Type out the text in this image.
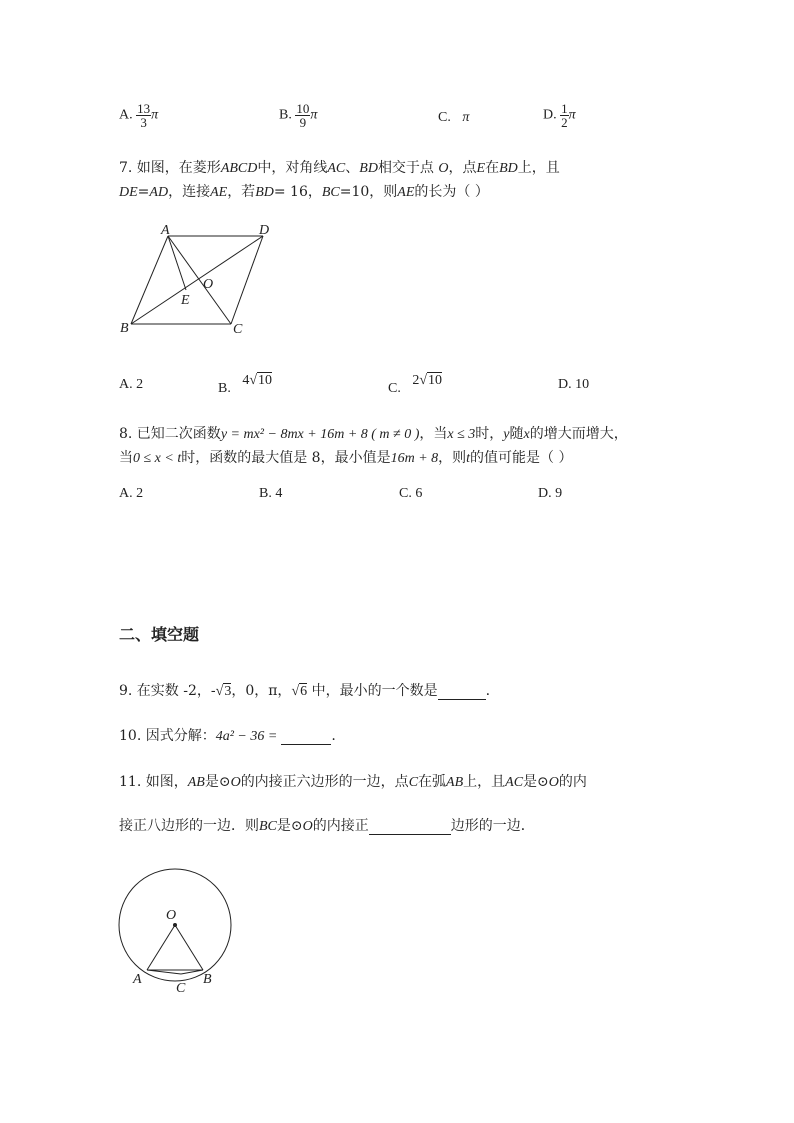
A. $\frac{13}{3}$ π	B. $\frac{10}{9}$ π	C. π	D. $\frac{1}{2}$ π
7. 如图，在菱形ABCD中，对角线AC、BD相交于点 O，点E在BD上，且
DE=AD，连接AE，若BD= 16，BC=10，则AE的长为（ ）
A	D
B	C
O
E
A. 2	B. 4√10
C. 2√10	D. 10
8. 已知二次函数y = mx² − 8mx + 16m + 8 ( m ≠ 0 )，当x ≤ 3时，y随x的增大而增大，
当0 ≤ x < t时，函数的最大值是 8，最小值是16m + 8，则t的值可能是（ ）
A. 2	B. 4	C. 6	D. 9
二、填空题
9. 在实数 -2，-√3，0，π，√6 中，最小的一个数是	.
10. 因式分解：4a² − 36 =	.
11. 如图，AB是⊙O的内接正六边形的一边，点C在弧AB上，且AC是⊙O的内
接正八边形的一边．则BC是⊙O的内接正	边形的一边．
O
A	B
C
